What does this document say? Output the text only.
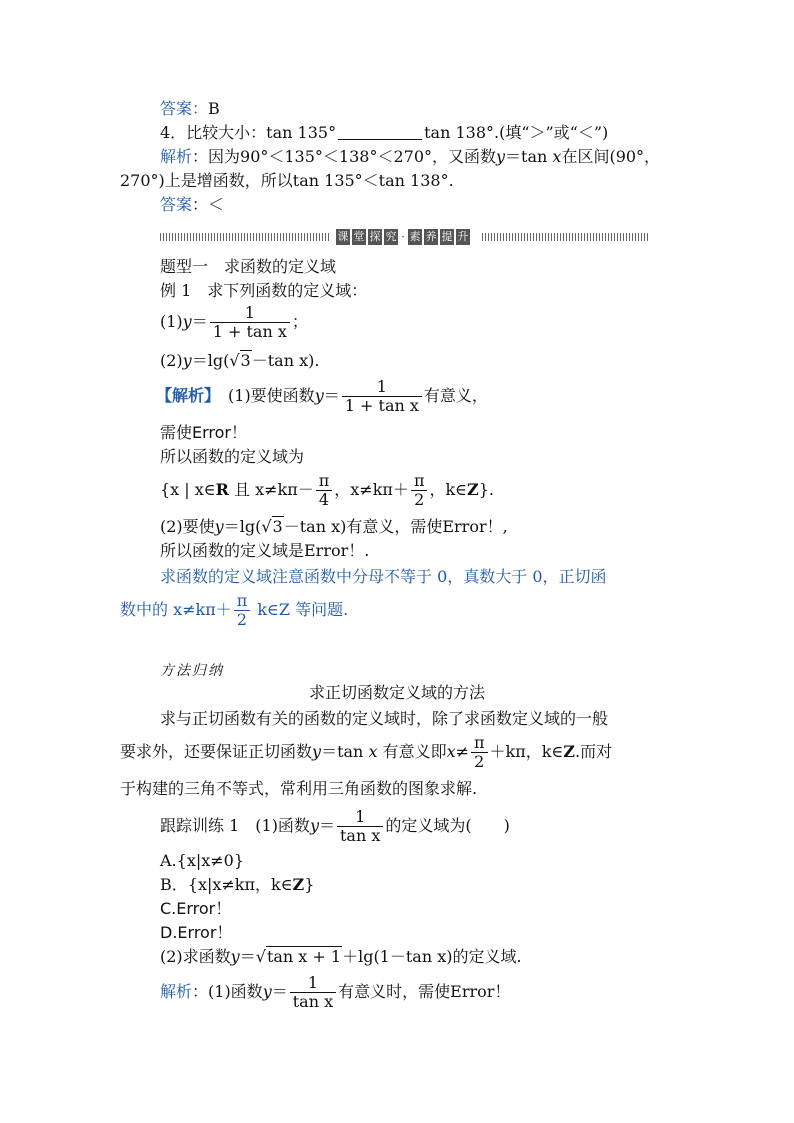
答案：B
4．比较大小：tan 135°	tan 138°.(填“＞”或“＜”)
解析：因为90°＜135°＜138°＜270°，又函数y＝tan x在区间(90°，
270°)上是增函数，所以tan 135°＜tan 138°.
答案：＜
课 堂 探 究 · 素 养 提 升
题型一　求函数的定义域
例 1　求下列函数的定义域：
$(1)y= \frac{1}{\text{1 + tan x}}$ ；
(2)y＝lg(√3－tan x).
【解析】　(1)要使函数$y= \frac{1}{\text{1 + tan x}}$ 有意义，
需使Error！
所以函数的定义域为
{x | x∈R 且 $x\ne k\pi- \frac{\pi}{4}$ ，$x\ne k\pi+ \frac{\pi}{2}$ ，k∈Z}.
(2)要使y＝lg(√3－tan x)有意义，需使Error！,
所以函数的定义域是Error！.
求函数的定义域注意函数中分母不等于 0，真数大于 0，正切函
数中的 $x\ne k\pi+ \frac{\pi}{2}$ k∈Z 等问题.
方法归纳
求正切函数定义域的方法
求与正切函数有关的函数的定义域时，除了求函数定义域的一般
要求外，还要保证正切函数y＝tan x 有意义即$x\ne \frac{\pi}{2} +k\pi$，k∈Z.而对
于构建的三角不等式，常利用三角函数的图象求解.
跟踪训练 1　(1)函数$y= \frac{1}{\text{tan x}}$ 的定义域为(　　)
A.{x|x≠0}
B．{x|x≠kπ，k∈Z}
C.Error！
D.Error！
(2)求函数y＝√tan x + 1＋lg(1－tan x)的定义域.
解析：(1)函数$y= \frac{1}{\text{tan x}}$ 有意义时，需使Error！
